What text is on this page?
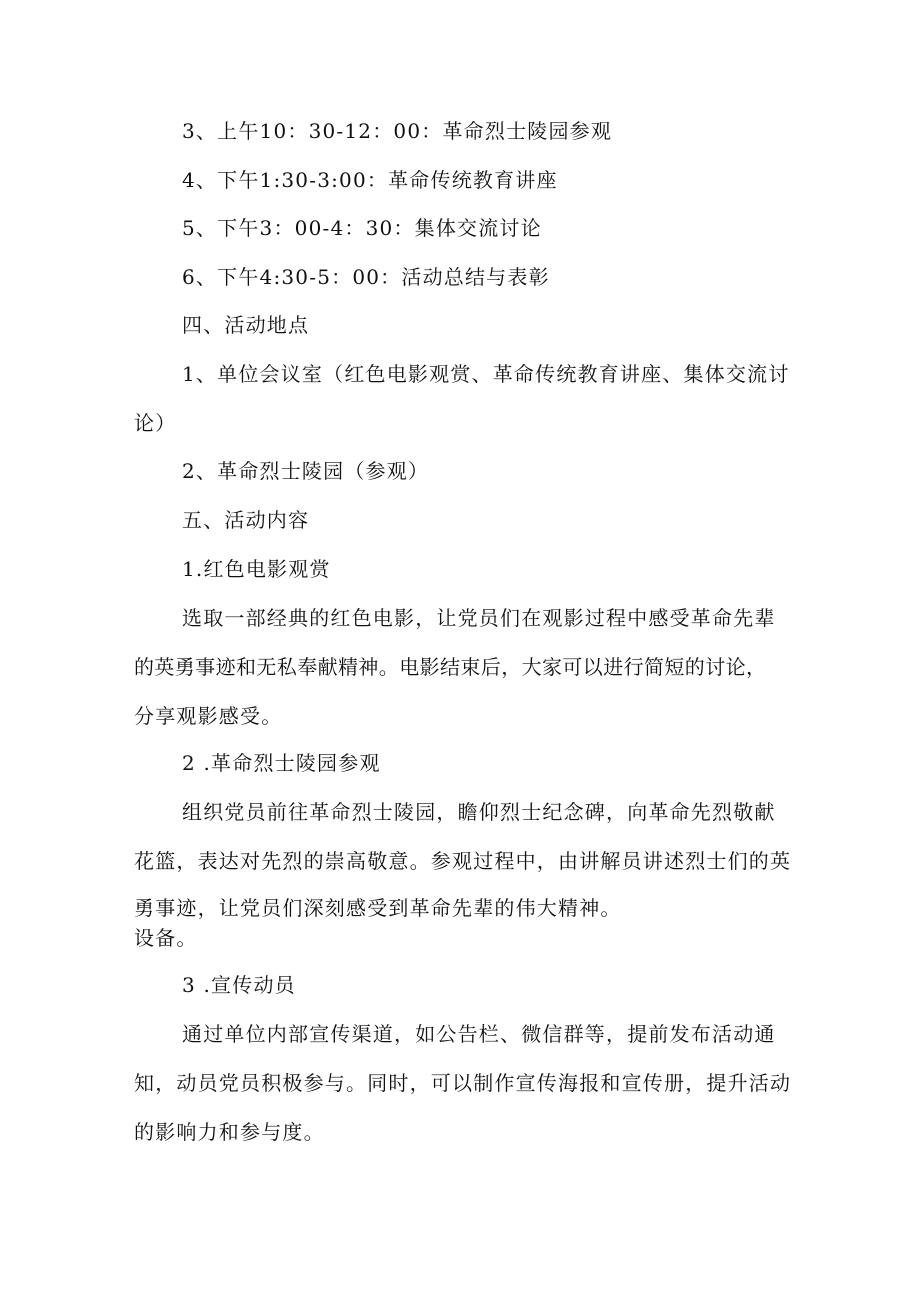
3、上午10：30-12：00：革命烈士陵园参观

4、下午1:30-3:00：革命传统教育讲座

5、下午3：00-4：30：集体交流讨论

6、下午4:30-5：00：活动总结与表彰

四、活动地点

1、单位会议室（红色电影观赏、革命传统教育讲座、集体交流讨

论）

2、革命烈士陵园（参观）

五、活动内容

1.红色电影观赏

选取一部经典的红色电影，让党员们在观影过程中感受革命先辈

的英勇事迹和无私奉献精神。电影结束后，大家可以进行简短的讨论，

分享观影感受。

2 .革命烈士陵园参观

组织党员前往革命烈士陵园，瞻仰烈士纪念碑，向革命先烈敬献

花篮，表达对先烈的崇高敬意。参观过程中，由讲解员讲述烈士们的英

勇事迹，让党员们深刻感受到革命先辈的伟大精神。

设备。

3 .宣传动员

通过单位内部宣传渠道，如公告栏、微信群等，提前发布活动通

知，动员党员积极参与。同时，可以制作宣传海报和宣传册，提升活动

的影响力和参与度。
